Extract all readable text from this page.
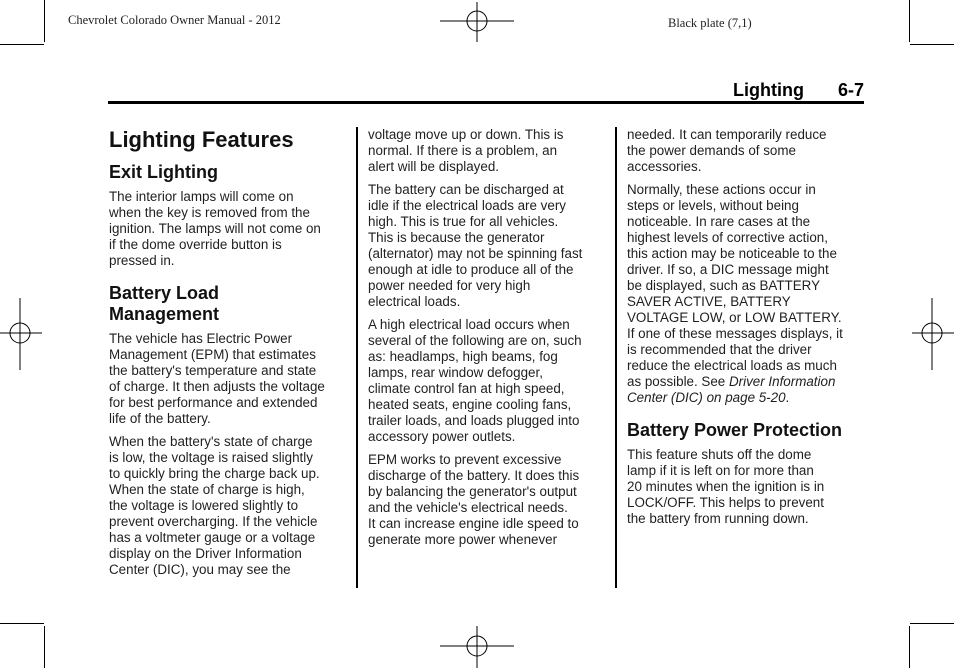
Chevrolet Colorado Owner Manual - 2012	Black plate (7,1)
Lighting 6-7
Lighting Features
Exit Lighting

The interior lamps will come on
when the key is removed from the
ignition. The lamps will not come on
if the dome override button is
pressed in.

Battery Load
Management

The vehicle has Electric Power
Management (EPM) that estimates
the battery's temperature and state
of charge. It then adjusts the voltage
for best performance and extended
life of the battery.

When the battery's state of charge
is low, the voltage is raised slightly
to quickly bring the charge back up.
When the state of charge is high,
the voltage is lowered slightly to
prevent overcharging. If the vehicle
has a voltmeter gauge or a voltage
display on the Driver Information
Center (DIC), you may see the

voltage move up or down. This is
normal. If there is a problem, an
alert will be displayed.

The battery can be discharged at
idle if the electrical loads are very
high. This is true for all vehicles.
This is because the generator
(alternator) may not be spinning fast
enough at idle to produce all of the
power needed for very high
electrical loads.

A high electrical load occurs when
several of the following are on, such
as: headlamps, high beams, fog
lamps, rear window defogger,
climate control fan at high speed,
heated seats, engine cooling fans,
trailer loads, and loads plugged into
accessory power outlets.

EPM works to prevent excessive
discharge of the battery. It does this
by balancing the generator's output
and the vehicle's electrical needs.
It can increase engine idle speed to
generate more power whenever

needed. It can temporarily reduce
the power demands of some
accessories.

Normally, these actions occur in
steps or levels, without being
noticeable. In rare cases at the
highest levels of corrective action,
this action may be noticeable to the
driver. If so, a DIC message might
be displayed, such as BATTERY
SAVER ACTIVE, BATTERY
VOLTAGE LOW, or LOW BATTERY.
If one of these messages displays, it
is recommended that the driver
reduce the electrical loads as much
as possible. See Driver Information
Center (DIC) on page 5-20.

Battery Power Protection

This feature shuts off the dome
lamp if it is left on for more than
20 minutes when the ignition is in
LOCK/OFF. This helps to prevent
the battery from running down.
